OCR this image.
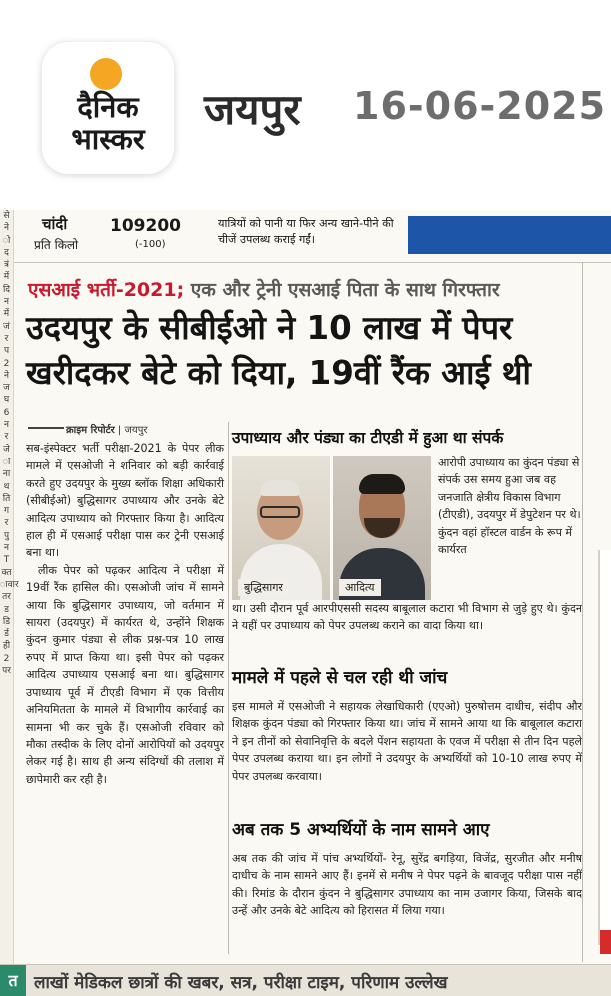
दैनिक
भास्कर
जयपुर 16-06-2025
से
ने
ो
द
त्रं
में
दि
न
में
जं
र
प
2
ने
ज
घ
6
न
र
जे
ा
ना
थ
ति
ग
र
पु
न
T
क्त
ावार
तर
ड
डि
र्ड
ही
2
पर
चांदी
प्रति किलो
109200
(-100)
यात्रियों को पानी या फिर अन्य खाने-पीने की चीजें उपलब्ध कराई गईं।
एसआई भर्ती-2021; एक और ट्रेनी एसआई पिता के साथ गिरफ्तार
उदयपुर के सीबीईओ ने 10 लाख में पेपर खरीदकर बेटे को दिया, 19वीं रैंक आई थी
क्राइम रिपोर्टर | जयपुर

सब-इंस्पेक्टर भर्ती परीक्षा-2021 के पेपर लीक मामले में एसओजी ने शनिवार को बड़ी कार्रवाई करते हुए उदयपुर के मुख्य ब्लॉक शिक्षा अधिकारी (सीबीईओ) बुद्धिसागर उपाध्याय और उनके बेटे आदित्य उपाध्याय को गिरफ्तार किया है। आदित्य हाल ही में एसआई परीक्षा पास कर ट्रेनी एसआई बना था।

लीक पेपर को पढ़कर आदित्य ने परीक्षा में 19वीं रैंक हासिल की। एसओजी जांच में सामने आया कि बुद्धिसागर उपाध्याय, जो वर्तमान में सायरा (उदयपुर) में कार्यरत थे, उन्होंने शिक्षक कुंदन कुमार पंड्या से लीक प्रश्न-पत्र 10 लाख रुपए में प्राप्त किया था। इसी पेपर को पढ़कर आदित्य उपाध्याय एसआई बना था। बुद्धिसागर उपाध्याय पूर्व में टीएडी विभाग में एक वित्तीय अनियमितता के मामले में विभागीय कार्रवाई का सामना भी कर चुके हैं। एसओजी रविवार को मौका तस्दीक के लिए दोनों आरोपियों को उदयपुर लेकर गई है। साथ ही अन्य संदिग्धों की तलाश में छापेमारी कर रही है।

उपाध्याय और पंड्या का टीएडी में हुआ था संपर्क
बुद्धिसागर	आदित्य
आरोपी उपाध्याय का कुंदन पंड्या से संपर्क उस समय हुआ जब वह जनजाति क्षेत्रीय विकास विभाग (टीएडी), उदयपुर में डेपुटेशन पर थे। कुंदन वहां हॉस्टल वार्डन के रूप में कार्यरत
था। उसी दौरान पूर्व आरपीएससी सदस्य बाबूलाल कटारा भी विभाग से जुड़े हुए थे। कुंदन ने यहीं पर उपाध्याय को पेपर उपलब्ध कराने का वादा किया था।
मामले में पहले से चल रही थी जांच
इस मामले में एसओजी ने सहायक लेखाधिकारी (एएओ) पुरुषोत्तम दाधीच, संदीप और शिक्षक कुंदन पंड्या को गिरफ्तार किया था। जांच में सामने आया था कि बाबूलाल कटारा ने इन तीनों को सेवानिवृत्ति के बदले पेंशन सहायता के एवज में परीक्षा से तीन दिन पहले पेपर उपलब्ध कराया था। इन लोगों ने उदयपुर के अभ्यर्थियों को 10-10 लाख रुपए में पेपर उपलब्ध करवाया।
अब तक 5 अभ्यर्थियों के नाम सामने आए
अब तक की जांच में पांच अभ्यर्थियों- रेनू, सुरेंद्र बगड़िया, विजेंद्र, सुरजीत और मनीष दाधीच के नाम सामने आए हैं। इनमें से मनीष ने पेपर पढ़ने के बावजूद परीक्षा पास नहीं की। रिमांड के दौरान कुंदन ने बुद्धिसागर उपाध्याय का नाम उजागर किया, जिसके बाद उन्हें और उनके बेटे आदित्य को हिरासत में लिया गया।
त लाखों मेडिकल छात्रों की खबर, सत्र, परीक्षा टाइम, परिणाम उल्लेख
